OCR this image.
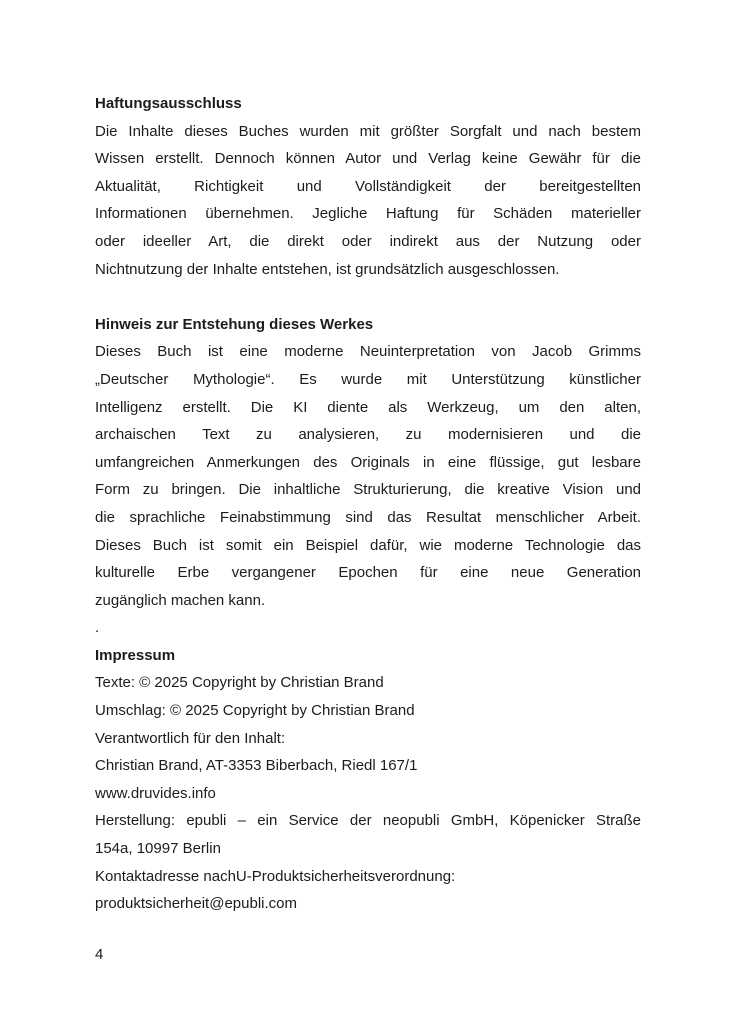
Haftungsausschluss
Die Inhalte dieses Buches wurden mit größter Sorgfalt und nach bestem
Wissen erstellt. Dennoch können Autor und Verlag keine Gewähr für die
Aktualität, Richtigkeit und Vollständigkeit der bereitgestellten
Informationen übernehmen. Jegliche Haftung für Schäden materieller
oder ideeller Art, die direkt oder indirekt aus der Nutzung oder
Nichtnutzung der Inhalte entstehen, ist grundsätzlich ausgeschlossen.
Hinweis zur Entstehung dieses Werkes
Dieses Buch ist eine moderne Neuinterpretation von Jacob Grimms
„Deutscher Mythologie“. Es wurde mit Unterstützung künstlicher
Intelligenz erstellt. Die KI diente als Werkzeug, um den alten,
archaischen Text zu analysieren, zu modernisieren und die
umfangreichen Anmerkungen des Originals in eine flüssige, gut lesbare
Form zu bringen. Die inhaltliche Strukturierung, die kreative Vision und
die sprachliche Feinabstimmung sind das Resultat menschlicher Arbeit.
Dieses Buch ist somit ein Beispiel dafür, wie moderne Technologie das
kulturelle Erbe vergangener Epochen für eine neue Generation
zugänglich machen kann.
.
Impressum
Texte: © 2025 Copyright by Christian Brand
Umschlag: © 2025 Copyright by Christian Brand
Verantwortlich für den Inhalt:
Christian Brand, AT-3353 Biberbach, Riedl 167/1
www.druvides.info
Herstellung: epubli – ein Service der neopubli GmbH, Köpenicker Straße
154a, 10997 Berlin
Kontaktadresse nachU-Produktsicherheitsverordnung:
produktsicherheit@epubli.com
4
